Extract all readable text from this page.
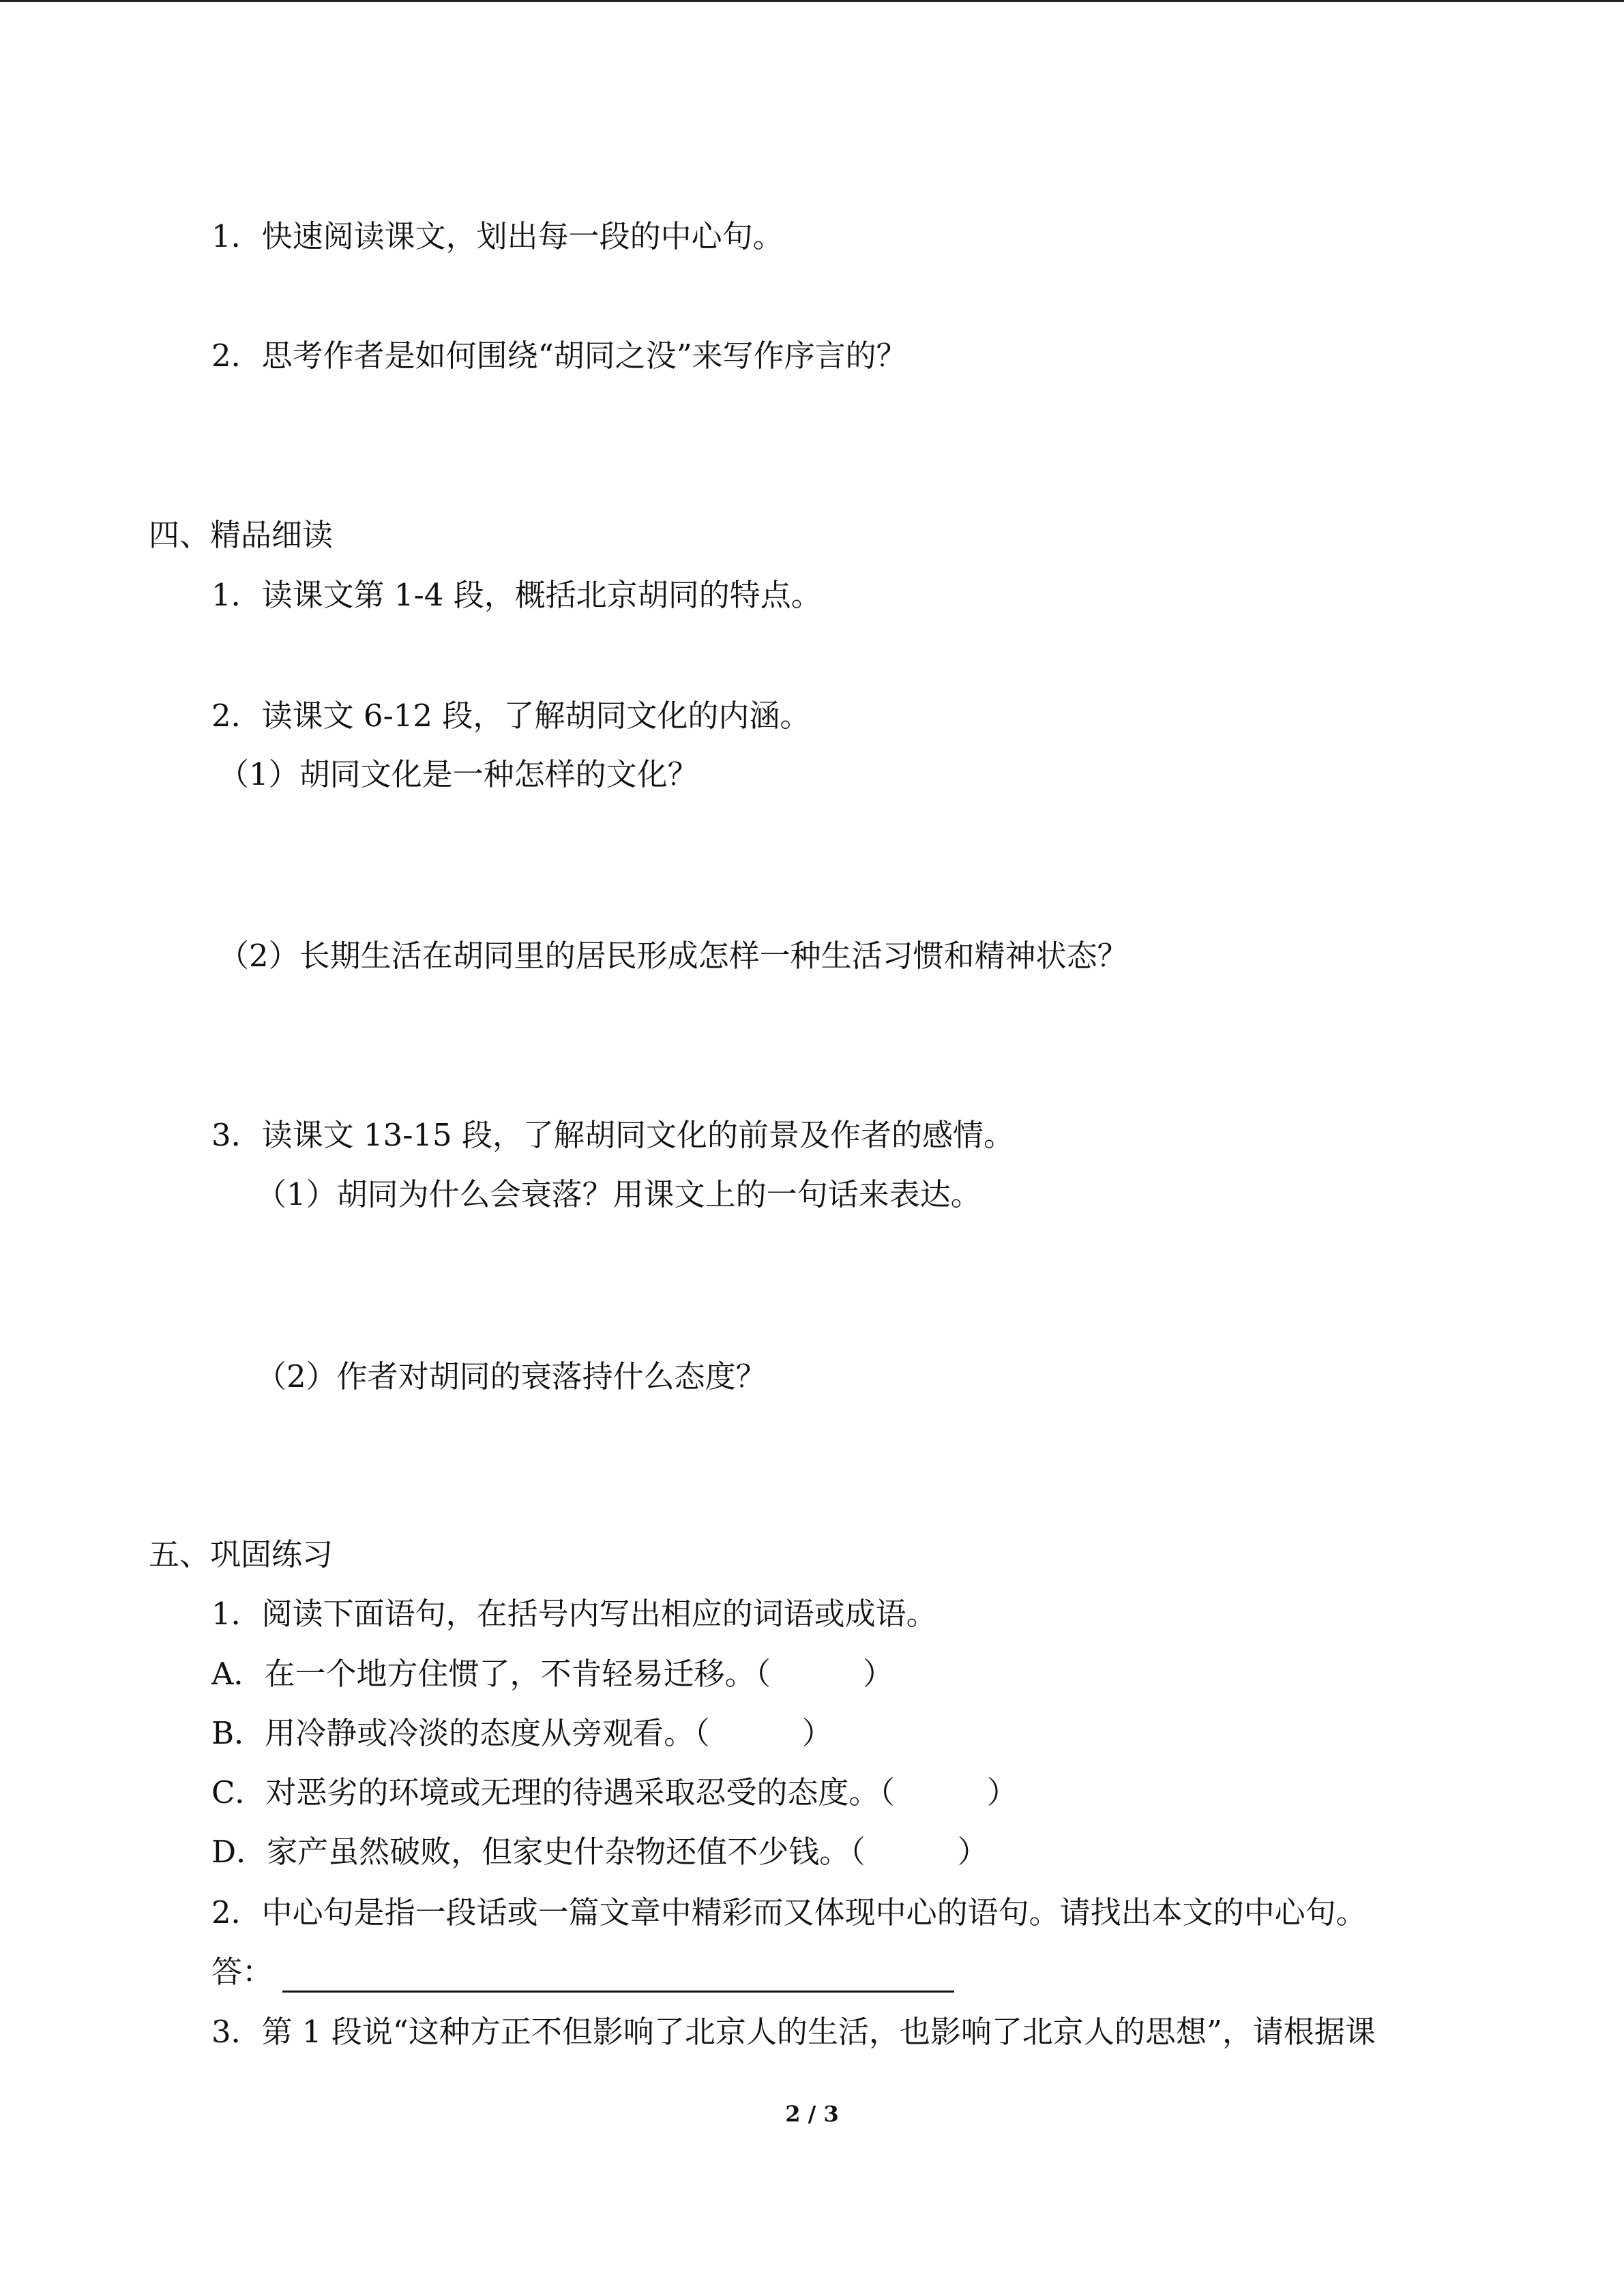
1．快速阅读课文，划出每一段的中心句。
2．思考作者是如何围绕“胡同之没”来写作序言的？
四、精品细读
1．读课文第 1-4 段，概括北京胡同的特点。
2．读课文 6-12 段，了解胡同文化的内涵。
（1）胡同文化是一种怎样的文化？
（2）长期生活在胡同里的居民形成怎样一种生活习惯和精神状态？
3．读课文 13-15 段，了解胡同文化的前景及作者的感情。
（1）胡同为什么会衰落？用课文上的一句话来表达。
（2）作者对胡同的衰落持什么态度？
五、巩固练习
1．阅读下面语句，在括号内写出相应的词语或成语。
A．在一个地方住惯了，不肯轻易迁移。（　　　）
B．用冷静或冷淡的态度从旁观看。（　　　）
C．对恶劣的环境或无理的待遇采取忍受的态度。（　　　）
D．家产虽然破败，但家史什杂物还值不少钱。（　　　）
2．中心句是指一段话或一篇文章中精彩而又体现中心的语句。请找出本文的中心句。
答：
3．第 1 段说“这种方正不但影响了北京人的生活，也影响了北京人的思想”，请根据课
2 / 3
